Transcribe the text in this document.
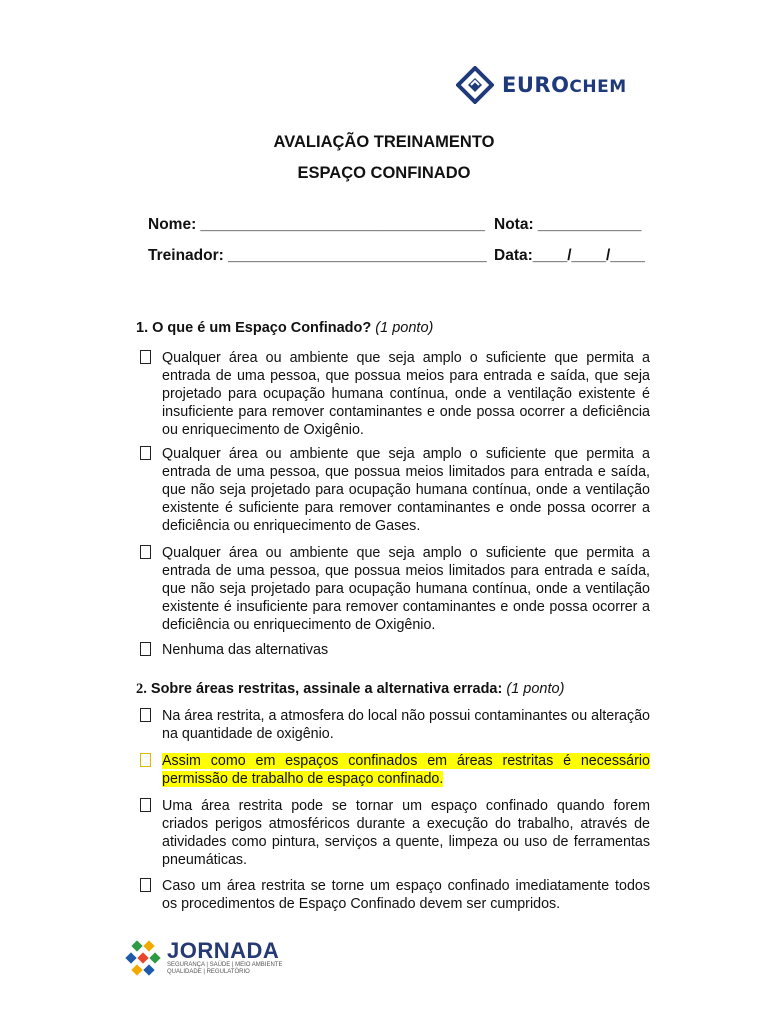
EUROCHEM
AVALIAÇÃO TREINAMENTO
ESPAÇO CONFINADO
Nome: _________________________________ Nota: ____________
Treinador: ______________________________ Data:____/____/____
1. O que é um Espaço Confinado? (1 ponto)
Qualquer área ou ambiente que seja amplo o suficiente que permita a entrada de uma pessoa, que possua meios para entrada e saída, que seja projetado para ocupação humana contínua, onde a ventilação existente é insuficiente para remover contaminantes e onde possa ocorrer a deficiência ou enriquecimento de Oxigênio.
Qualquer área ou ambiente que seja amplo o suficiente que permita a entrada de uma pessoa, que possua meios limitados para entrada e saída, que não seja projetado para ocupação humana contínua, onde a ventilação existente é suficiente para remover contaminantes e onde possa ocorrer a deficiência ou enriquecimento de Gases.
Qualquer área ou ambiente que seja amplo o suficiente que permita a entrada de uma pessoa, que possua meios limitados para entrada e saída, que não seja projetado para ocupação humana contínua, onde a ventilação existente é insuficiente para remover contaminantes e onde possa ocorrer a deficiência ou enriquecimento de Oxigênio.
Nenhuma das alternativas
2. Sobre áreas restritas, assinale a alternativa errada: (1 ponto)
Na área restrita, a atmosfera do local não possui contaminantes ou alteração na quantidade de oxigênio.
Assim como em espaços confinados em áreas restritas é necessário permissão de trabalho de espaço confinado.
Uma área restrita pode se tornar um espaço confinado quando forem criados perigos atmosféricos durante a execução do trabalho, através de atividades como pintura, serviços a quente, limpeza ou uso de ferramentas pneumáticas.
Caso um área restrita se torne um espaço confinado imediatamente todos os procedimentos de Espaço Confinado devem ser cumpridos.
JORNADA
SEGURANÇA | SAÚDE | MEIO AMBIENTE
QUALIDADE | REGULATÓRIO
